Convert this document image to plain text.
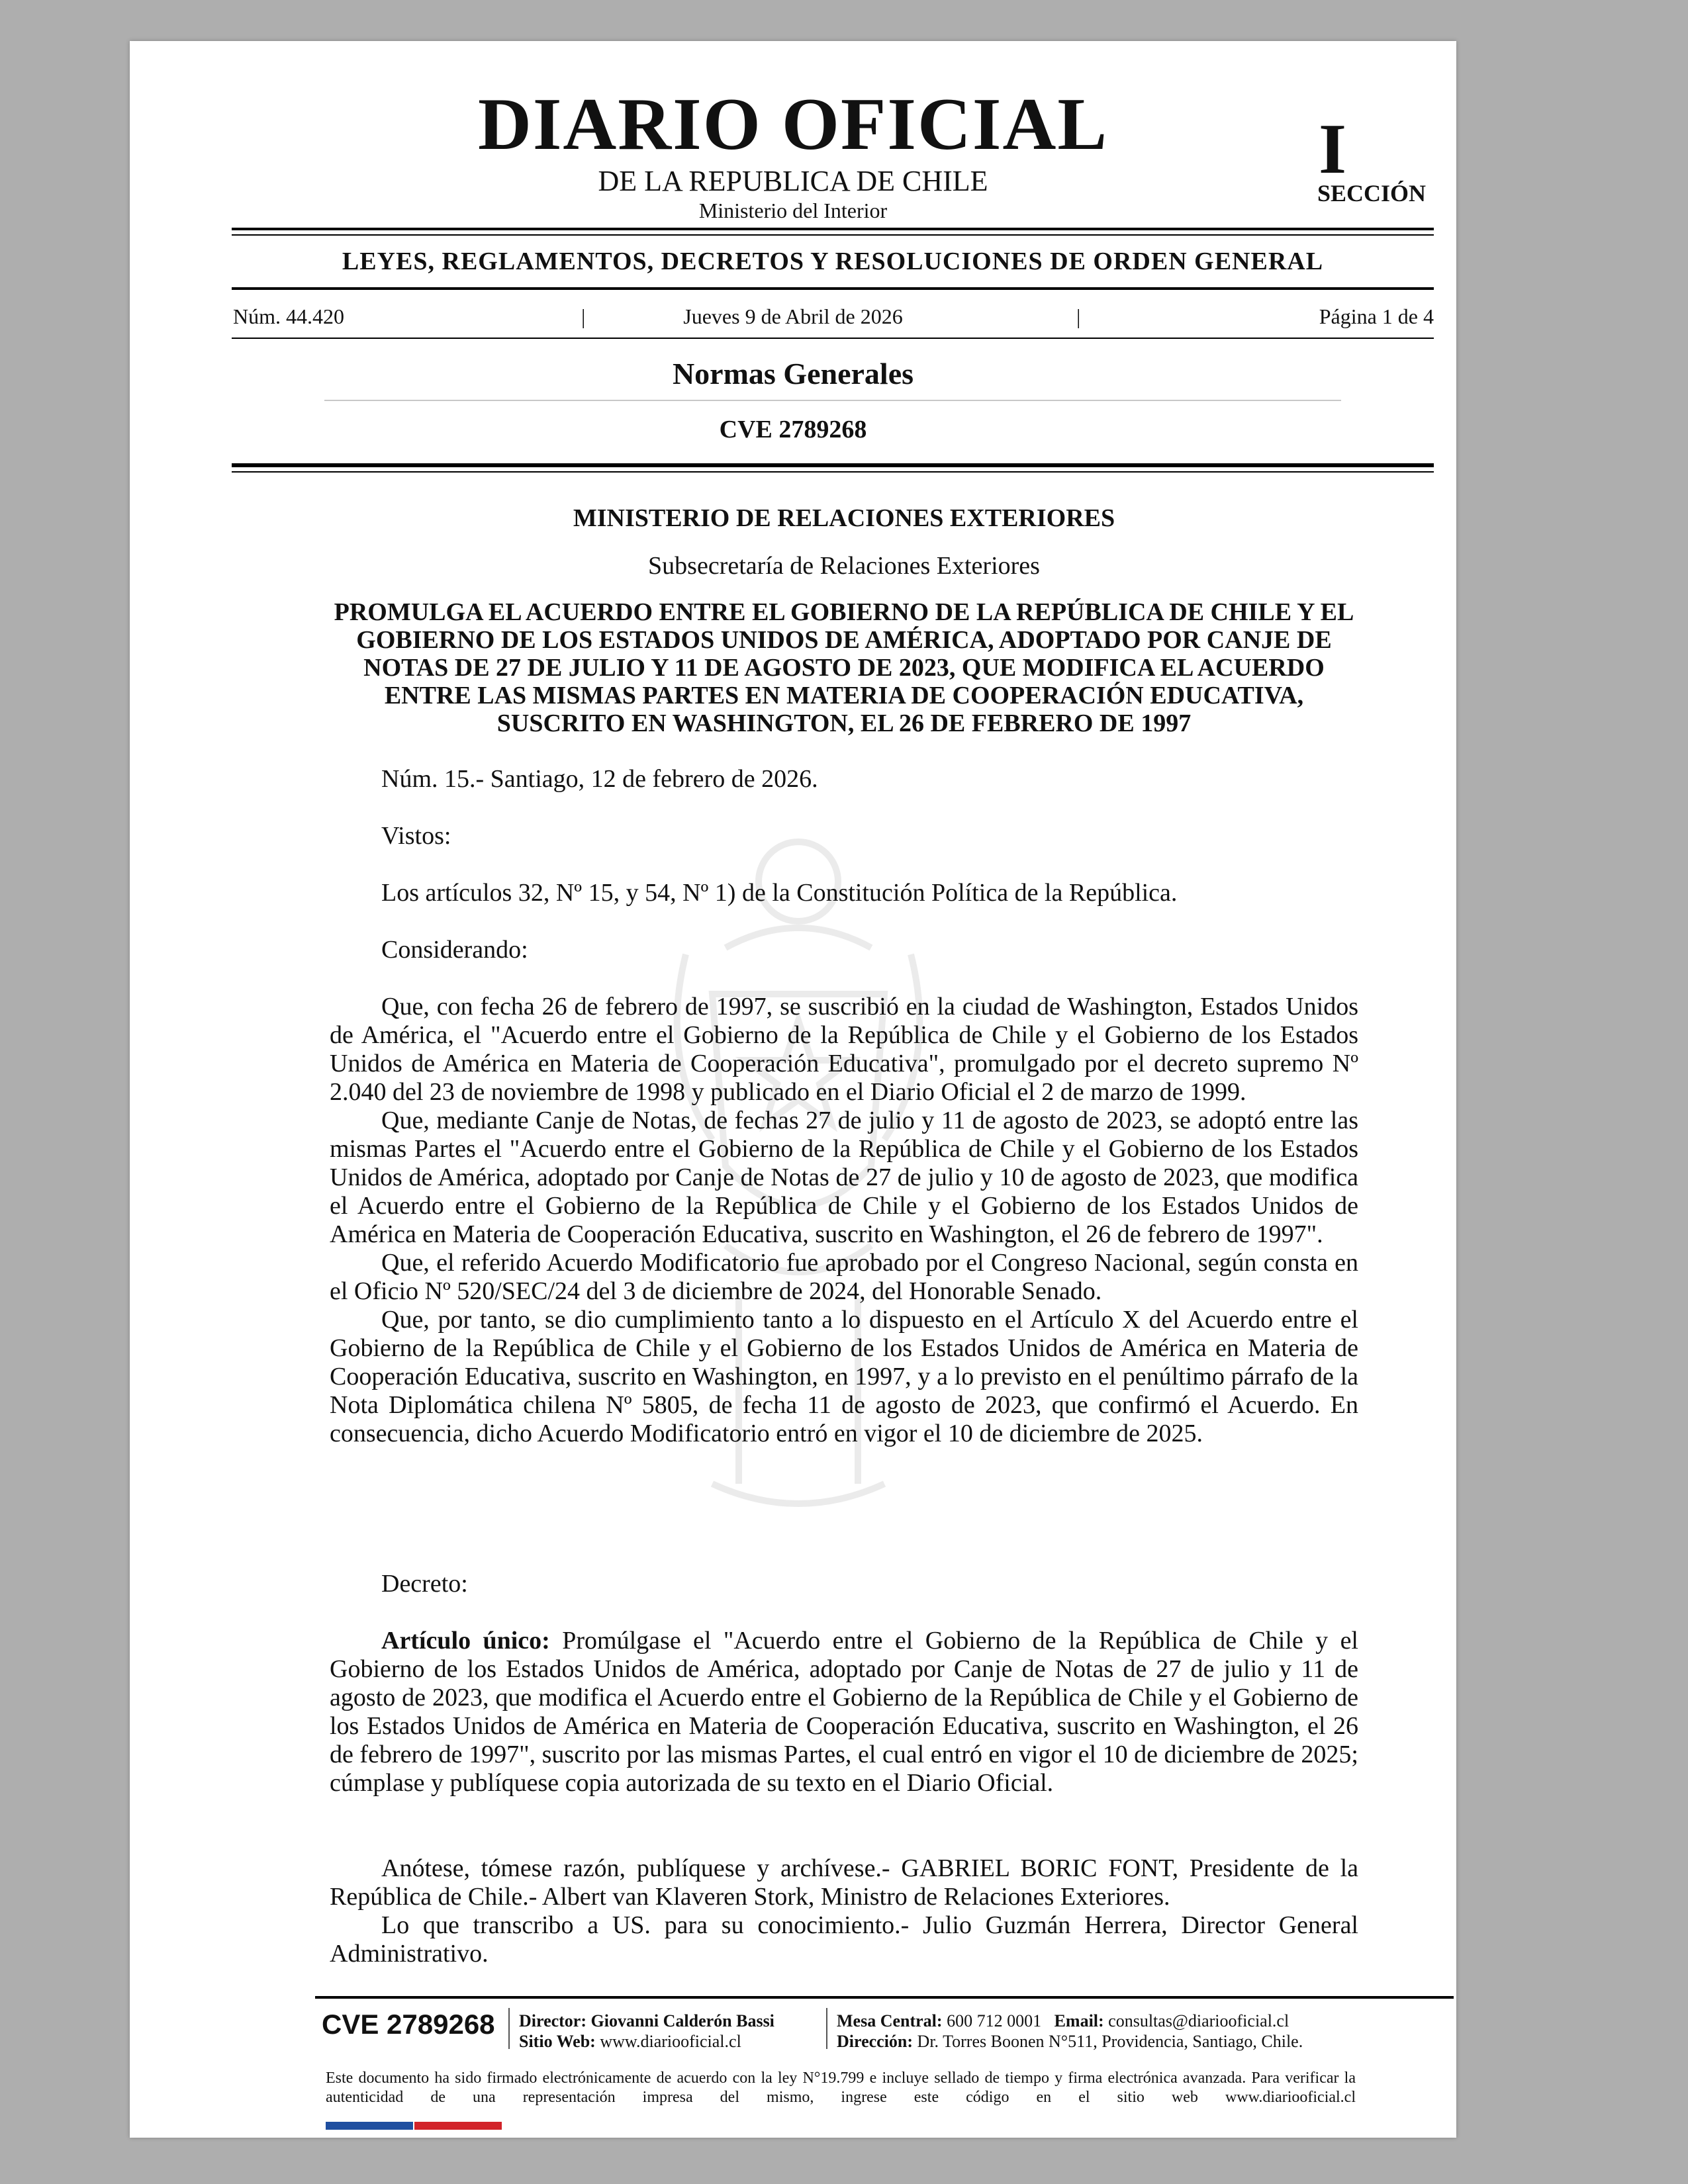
DIARIO OFICIAL
DE LA REPUBLICA DE CHILE
Ministerio del Interior
I
SECCIÓN
LEYES, REGLAMENTOS, DECRETOS Y RESOLUCIONES DE ORDEN GENERAL
Núm. 44.420	|	Jueves 9 de Abril de 2026	|	Página 1 de 4
Normas Generales
CVE 2789268
MINISTERIO DE RELACIONES EXTERIORES
Subsecretaría de Relaciones Exteriores
PROMULGA EL ACUERDO ENTRE EL GOBIERNO DE LA REPÚBLICA DE CHILE Y EL GOBIERNO DE LOS ESTADOS UNIDOS DE AMÉRICA, ADOPTADO POR CANJE DE NOTAS DE 27 DE JULIO Y 11 DE AGOSTO DE 2023, QUE MODIFICA EL ACUERDO ENTRE LAS MISMAS PARTES EN MATERIA DE COOPERACIÓN EDUCATIVA, SUSCRITO EN WASHINGTON, EL 26 DE FEBRERO DE 1997
Núm. 15.- Santiago, 12 de febrero de 2026.
Vistos:
Los artículos 32, Nº 15, y 54, Nº 1) de la Constitución Política de la República.
Considerando:

Que, con fecha 26 de febrero de 1997, se suscribió en la ciudad de Washington, Estados Unidos de América, el "Acuerdo entre el Gobierno de la República de Chile y el Gobierno de los Estados Unidos de América en Materia de Cooperación Educativa", promulgado por el decreto supremo Nº 2.040 del 23 de noviembre de 1998 y publicado en el Diario Oficial el 2 de marzo de 1999.

Que, mediante Canje de Notas, de fechas 27 de julio y 11 de agosto de 2023, se adoptó entre las mismas Partes el "Acuerdo entre el Gobierno de la República de Chile y el Gobierno de los Estados Unidos de América, adoptado por Canje de Notas de 27 de julio y 10 de agosto de 2023, que modifica el Acuerdo entre el Gobierno de la República de Chile y el Gobierno de los Estados Unidos de América en Materia de Cooperación Educativa, suscrito en Washington, el 26 de febrero de 1997".

Que, el referido Acuerdo Modificatorio fue aprobado por el Congreso Nacional, según consta en el Oficio Nº 520/SEC/24 del 3 de diciembre de 2024, del Honorable Senado.

Que, por tanto, se dio cumplimiento tanto a lo dispuesto en el Artículo X del Acuerdo entre el Gobierno de la República de Chile y el Gobierno de los Estados Unidos de América en Materia de Cooperación Educativa, suscrito en Washington, en 1997, y a lo previsto en el penúltimo párrafo de la Nota Diplomática chilena Nº 5805, de fecha 11 de agosto de 2023, que confirmó el Acuerdo. En consecuencia, dicho Acuerdo Modificatorio entró en vigor el 10 de diciembre de 2025.

Decreto:

Artículo único: Promúlgase el "Acuerdo entre el Gobierno de la República de Chile y el Gobierno de los Estados Unidos de América, adoptado por Canje de Notas de 27 de julio y 11 de agosto de 2023, que modifica el Acuerdo entre el Gobierno de la República de Chile y el Gobierno de los Estados Unidos de América en Materia de Cooperación Educativa, suscrito en Washington, el 26 de febrero de 1997", suscrito por las mismas Partes, el cual entró en vigor el 10 de diciembre de 2025; cúmplase y publíquese copia autorizada de su texto en el Diario Oficial.

Anótese, tómese razón, publíquese y archívese.- GABRIEL BORIC FONT, Presidente de la República de Chile.- Albert van Klaveren Stork, Ministro de Relaciones Exteriores.

Lo que transcribo a US. para su conocimiento.- Julio Guzmán Herrera, Director General Administrativo.

CVE 2789268 Director: Giovanni Calderón Bassi
Sitio Web: www.diariooficial.cl
Mesa Central: 600 712 0001 Email: consultas@diariooficial.cl
Dirección: Dr. Torres Boonen N°511, Providencia, Santiago, Chile.
Este documento ha sido firmado electrónicamente de acuerdo con la ley N°19.799 e incluye sellado de tiempo y firma electrónica avanzada. Para verificar la autenticidad de una representación impresa del mismo, ingrese este código en el sitio web www.diariooficial.cl
